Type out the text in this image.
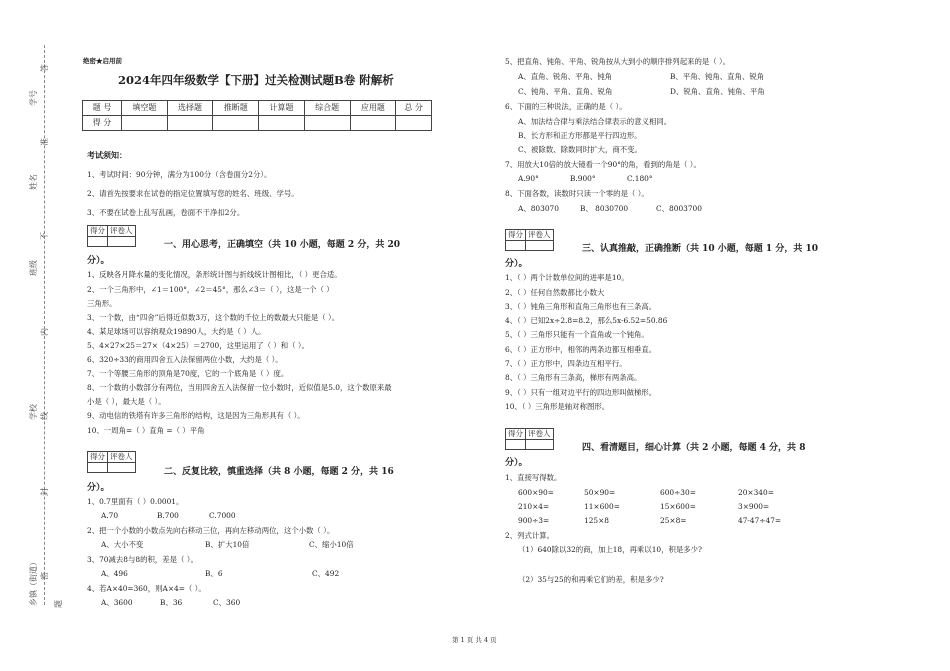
学号
姓名
班级
学校
乡镇（街道）
答
准
不
内
线
封
密
题
绝密★启用前
2024年四年级数学【下册】过关检测试题B卷 附解析
题 号	填空题	选择题	推断题	计算题	综合题	应用题	总 分
得 分							
考试须知：
1、考试时间：90分钟，满分为100分（含卷面分2分）。
2、请首先按要求在试卷的指定位置填写您的姓名、班级、学号。
3、不要在试卷上乱写乱画，卷面不干净扣2分。
得分	评卷人

一、用心思考，正确填空（共 10 小题，每题 2 分，共 20
分）。
1、反映各月降水量的变化情况，条形统计图与折线统计图相比，（ ）更合适。
2、一个三角形中，∠1＝100°，∠2＝45°，那么∠3＝（ ），这是一个（ ）
三角形。
3、一个数，由“四舍”后得近似数3万，这个数的千位上的数最大只能是（ ）。
4、某足球场可以容纳观众19890人，大约是（ ）人。
5、4×27×25＝27×（4×25）＝2700，这里运用了（ ）和（ ）。
6、320÷33的商用四舍五入法保留两位小数，大约是（ ）。
7、一个等腰三角形的顶角是70度，它的一个底角是（ ）度。
8、一个数的小数部分有两位，当用四舍五入法保留一位小数时，近似值是5.0，这个数原来最
小是（ ），最大是（ ）。
9、动电信的铁塔有许多三角形的结构，这是因为三角形具有（ ）。
10、一周角=（ ）直角 =（ ）平角
得分	评卷人

二、反复比较，慎重选择（共 8 小题，每题 2 分，共 16
分）。
1、0.7里面有（ ）0.0001。
A.70	B.700	C.7000
2、把一个小数的小数点先向右移动三位，再向左移动两位，这个小数（ ）。
A、大小不变	B、扩大10倍	C、缩小10倍
3、70减去8与8的积，差是（ ）。
A、496	B、6	C、492
4、若A×40=360，则A×4=（ ）。
A、3600	B、36	C、360
5、把直角、钝角、平角、锐角按从大到小的顺序排列起来的是（ ）。
A、直角、锐角、平角、钝角	B、平角、钝角、直角、锐角
C、钝角、平角、直角、锐角	D、锐角、直角、钝角、平角
6、下面的三种说法，正确的是（ ）。
A、加法结合律与乘法结合律表示的意义相同。
B、长方形和正方形都是平行四边形。
C、被除数、除数同时扩大，商不变。
7、用放大10倍的放大镜看一个90°的角，看到的角是（ ）。
A.90°	B.900°	C.180°
8、下面各数，读数时只读一个零的是（ ）。
A、803070	B、 8030700	C、8003700
得分	评卷人

三、认真推敲，正确推断（共 10 小题，每题 1 分，共 10
分）。
1、（ ）两个计数单位间的进率是10。
2、（ ）任何自然数都比小数大
3、（ ）钝角三角形和直角三角形也有三条高。
4、（ ）已知2x÷2.8=8.2，那么5x-6.52=50.86
5、（ ）三角形只能有一个直角或一个钝角。
6、（ ）正方形中，相邻的两条边都互相垂直。
7、（ ）正方形中，四条边互相平行。
8、（ ）三角形有三条高，梯形有两条高。
9、（ ）只有一组对边平行的四边形叫做梯形。
10、（ ）三角形是轴对称图形。
得分	评卷人

四、看清题目，细心计算（共 2 小题，每题 4 分，共 8
分）。
1、直接写得数。
600×90=	50×90=	600÷30=	20×340=
210×4=	11×600=	15×600=	3×900=
900÷3=	125×8	25×8=	47-47÷47=
2、列式计算。
（1）640除以32的商，加上18，再乘以10，积是多少?
（2）35与25的和再乘它们的差，积是多少?
第 1 页 共 4 页
